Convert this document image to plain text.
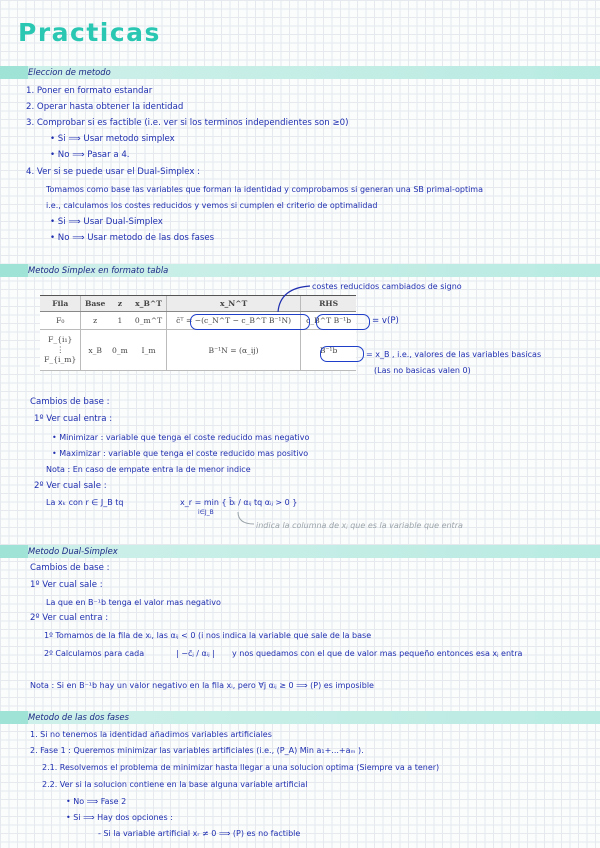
Practicas
Eleccion de metodo
1. Poner en formato estandar
2. Operar hasta obtener la identidad
3. Comprobar si es factible (i.e. ver si los terminos independientes son ≥0)
• Si ⟹ Usar metodo simplex
• No ⟹ Pasar a 4.
4. Ver si se puede usar el Dual-Simplex :
Tomamos como base las variables que forman la identidad y comprobamos si generan una SB primal-optima
i.e., calculamos los costes reducidos y vemos si cumplen el criterio de optimalidad
• Si ⟹ Usar Dual-Simplex
• No ⟹ Usar metodo de las dos fases
Metodo Simplex en formato tabla
costes reducidos cambiados de signo
Fila	Base	z	x_B^T	x_N^T	RHS
F₀	z	1	0_m^T	c̄ᵀ = −(c_N^T − c_B^T B⁻¹N)	c_B^T B⁻¹b

F_{i₁}
⋮
F_{i_m}	x_B	0_m	I_m	B⁻¹N = (α_ij)	B⁻¹b
= v(P)
= x_B , i.e., valores de las variables basicas
(Las no basicas valen 0)
Cambios de base :
1º Ver cual entra :
• Minimizar : variable que tenga el coste reducido mas negativo
• Maximizar : variable que tenga el coste reducido mas positivo
Nota : En caso de empate entra la de menor indice
2º Ver cual sale :
La xₖ con r ∈ J_B tq	x_r = min { b̄ᵢ / αᵢⱼ tq αᵢⱼ > 0 }
i∈J_B
indica la columna de xⱼ que es la variable que entra
Metodo Dual-Simplex
Cambios de base :
1º Ver cual sale :
La que en B⁻¹b tenga el valor mas negativo
2º Ver cual entra :
1º Tomamos de la fila de xᵢ, las αᵢⱼ < 0 (i nos indica la variable que sale de la base
2º Calculamos para cada	| −c̄ⱼ / αᵢⱼ | y nos quedamos con el que de valor mas pequeño entonces esa xⱼ entra
Nota : Si en B⁻¹b hay un valor negativo en la fila xᵢ, pero ∀j αᵢⱼ ≥ 0 ⟹ (P) es imposible
Metodo de las dos fases
1. Si no tenemos la identidad añadimos variables artificiales
2. Fase 1 : Queremos minimizar las variables artificiales (i.e., (P_A) Min a₁+...+aₘ ).
2.1. Resolvemos el problema de minimizar hasta llegar a una solucion optima (Siempre va a tener)
2.2. Ver si la solucion contiene en la base alguna variable artificial
• No ⟹ Fase 2
• Si ⟹ Hay dos opciones :
- Si la variable artificial xᵣ ≠ 0 ⟹ (P) es no factible
